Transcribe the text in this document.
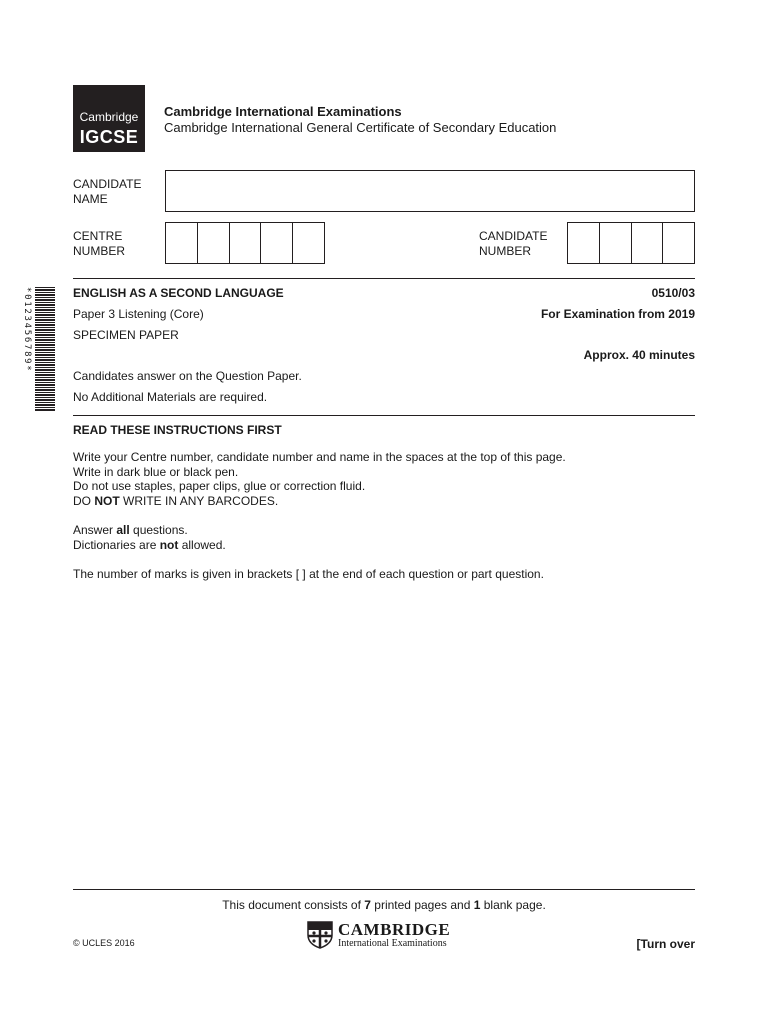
Cambridge
IGCSE
Cambridge International Examinations
Cambridge International General Certificate of Secondary Education
CANDIDATE
NAME
CENTRE
NUMBER
CANDIDATE
NUMBER
*0123456789*	ENGLISH AS A SECOND LANGUAGE	0510/03
Paper 3 Listening (Core)	For Examination from 2019
SPECIMEN PAPER
Approx. 40 minutes
Candidates answer on the Question Paper.
No Additional Materials are required.
READ THESE INSTRUCTIONS FIRST
Write your Centre number, candidate number and name in the spaces at the top of this page.
Write in dark blue or black pen.
Do not use staples, paper clips, glue or correction fluid.
DO NOT WRITE IN ANY BARCODES.
Answer all questions.
Dictionaries are not allowed.
The number of marks is given in brackets [ ] at the end of each question or part question.
This document consists of 7 printed pages and 1 blank page.
© UCLES 2016
CAMBRIDGE
International Examinations	[Turn over
